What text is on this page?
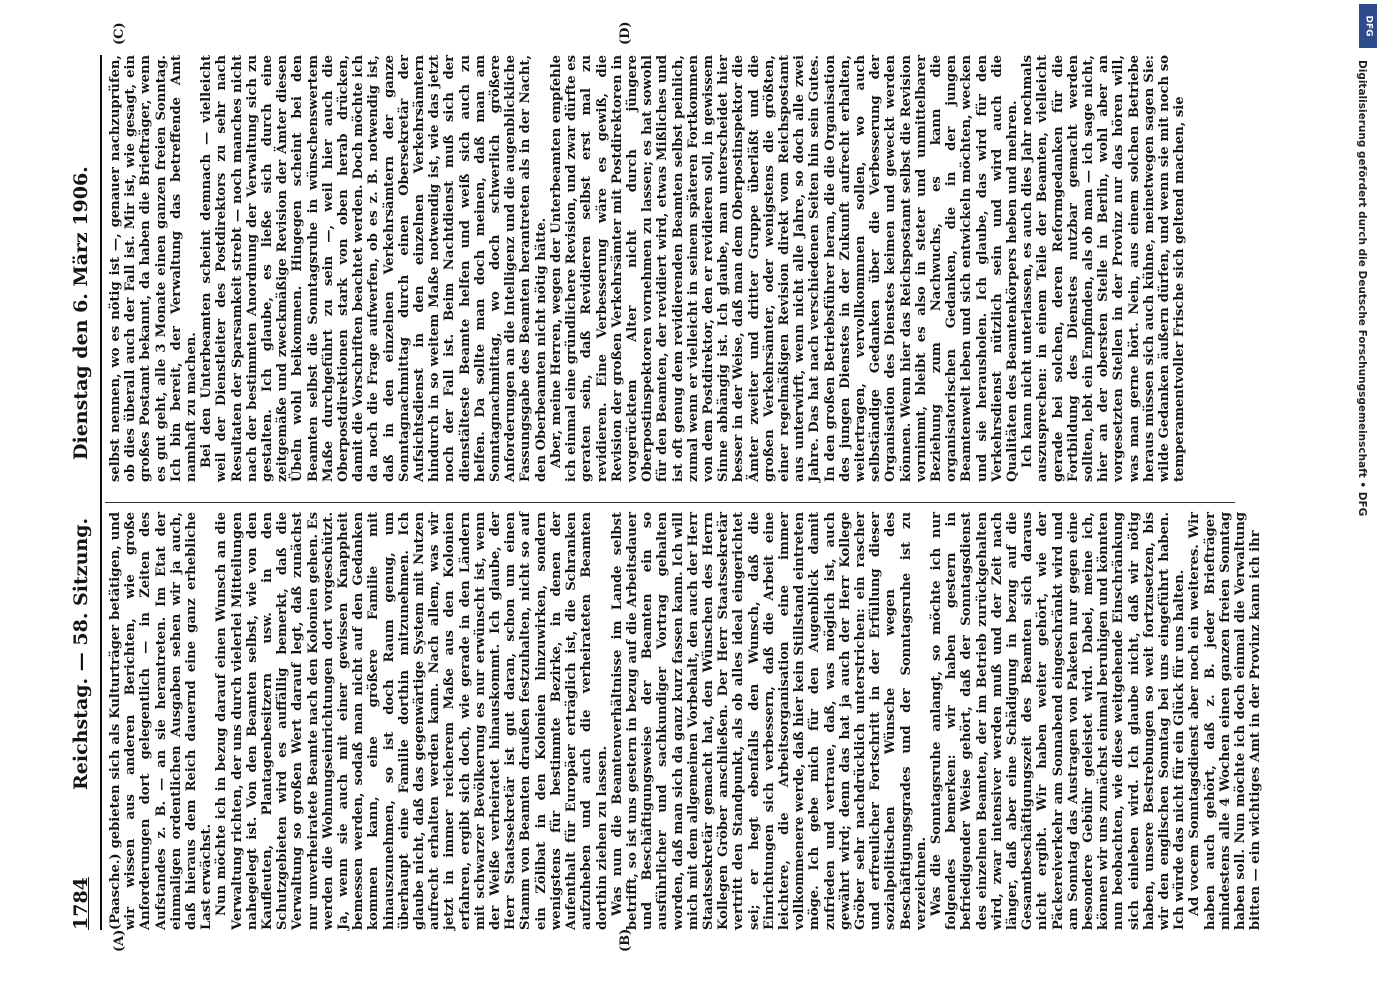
1784
Reichstag. — 58. Sitzung.
Dienstag den 6. März 1906.
(A)	(B)
(C)	(D)

(Paasche.) gebieten sich als Kulturträger betätigen, und wir wissen aus anderen Berichten, wie große Anforderungen dort gelegentlich — in Zeiten des Aufstandes z. B. — an sie herantreten. Im Etat der einmaligen ordentlichen Ausgaben sehen wir ja auch, daß hieraus dem Reich dauernd eine ganz erhebliche Last erwächst. Nun möchte ich in bezug darauf einen Wunsch an die Verwaltung richten, der uns durch vielerlei Mitteilungen nahegelegt ist. Von den Beamten selbst, wie von den Kaufleuten, Plantagenbesitzern usw. in den Schutzgebieten wird es auffällig bemerkt, daß die Verwaltung so großen Wert darauf legt, daß zunächst nur unverheiratete Beamte nach den Kolonien gehen. Es werden die Wohnungseinrichtungen dort vorgeschützt. Ja, wenn sie auch mit einer gewissen Knappheit bemessen werden, sodaß man nicht auf den Gedanken kommen kann, eine größere Familie mit hinauszunehmen, so ist doch Raum genug, um überhaupt eine Familie dorthin mitzunehmen. Ich glaube nicht, daß das gegenwärtige System mit Nutzen aufrecht erhalten werden kann. Nach allem, was wir jetzt in immer reicherem Maße aus den Kolonien erfahren, ergibt sich doch, wie gerade in den Ländern mit schwarzer Bevölkerung es nur erwünscht ist, wenn der Weiße verheiratet hinauskommt. Ich glaube, der Herr Staatssekretär ist gut daran, schon um einen Stamm von Beamten draußen festzuhalten, nicht so auf ein Zölibat in den Kolonien hinzuwirken, sondern wenigstens für bestimmte Bezirke, in denen der Aufenthalt für Europäer erträglich ist, die Schranken aufzuheben und auch die verheirateten Beamten dorthin ziehen zu lassen. Was nun die Beamtenverhältnisse im Lande selbst betrifft, so ist uns gestern in bezug auf die Arbeitsdauer und Beschäftigungsweise der Beamten ein so ausführlicher und sachkundiger Vortrag gehalten worden, daß man sich da ganz kurz fassen kann. Ich will mich mit dem allgemeinen Vorbehalt, den auch der Herr Staatssekretär gemacht hat, den Wünschen des Herrn Kollegen Gröber anschließen. Der Herr Staatssekretär vertritt den Standpunkt, als ob alles ideal eingerichtet sei; er hegt ebenfalls den Wunsch, daß die Einrichtungen sich verbessern, daß die Arbeit eine leichtere, die Arbeitsorganisation eine immer vollkommenere werde, daß hier kein Stillstand eintreten möge. Ich gebe mich für den Augenblick damit zufrieden und vertraue, daß, was möglich ist, auch gewährt wird; denn das hat ja auch der Herr Kollege Gröber sehr nachdrücklich unterstrichen: ein rascher und erfreulicher Fortschritt in der Erfüllung dieser sozialpolitischen Wünsche wegen des Beschäftigungsgrades und der Sonntagsruhe ist zu verzeichnen. Was die Sonntagsruhe anlangt, so möchte ich nur folgendes bemerken: wir haben gestern in befriedigender Weise gehört, daß der Sonntagsdienst des einzelnen Beamten, der im Betrieb zurückgehalten wird, zwar intensiver werden muß und der Zeit nach länger, daß aber eine Schädigung in bezug auf die Gesamtbeschäftigungszeit des Beamten sich daraus nicht ergibt. Wir haben weiter gehört, wie der Päckereiverkehr am Sonnabend eingeschränkt wird und am Sonntag das Austragen von Paketen nur gegen eine besondere Gebühr geleistet wird. Dabei, meine ich, können wir uns zunächst einmal beruhigen und könnten nun beobachten, wie diese weitgehende Einschränkung sich einleben wird. Ich glaube nicht, daß wir nötig haben, unsere Bestrebungen so weit fortzusetzen, bis wir den englischen Sonntag bei uns eingeführt haben. Ich würde das nicht für ein Glück für uns halten. Ad vocem Sonntagsdienst aber noch ein weiteres. Wir haben auch gehört, daß z. B. jeder Briefträger mindestens alle 4 Wochen einen ganzen freien Sonntag haben soll. Nun möchte ich doch einmal die Verwaltung bitten — ein wichtiges Amt in der Provinz kann ich ihr

selbst nennen, wo es nötig ist —, genauer nachzuprüfen, ob dies überall auch der Fall ist. Mir ist, wie gesagt, ein großes Postamt bekannt, da haben die Briefträger, wenn es gut geht, alle 3 Monate einen ganzen freien Sonntag. Ich bin bereit, der Verwaltung das betreffende Amt namhaft zu machen. Bei den Unterbeamten scheint demnach — vielleicht weil der Dienstleiter des Postdirektors zu sehr nach Resultaten der Sparsamkeit strebt — noch manches nicht nach der bestimmten Anordnung der Verwaltung sich zu gestalten. Ich glaube, es ließe sich durch eine zeitgemäße und zweckmäßige Revision der Ämter diesen Übeln wohl beikommen. Hingegen scheint bei den Beamten selbst die Sonntagsruhe in wünschenswertem Maße durchgeführt zu sein —, weil hier auch die Oberpostdirektionen stark von oben herab drücken, damit die Vorschriften beachtet werden. Doch möchte ich da noch die Frage aufwerfen, ob es z. B. notwendig ist, daß in den einzelnen Verkehrsämtern der ganze Sonntagnachmittag durch einen Obersekretär der Aufsichtsdienst in den einzelnen Verkehrsämtern hindurch in so weitem Maße notwendig ist, wie das jetzt noch der Fall ist. Beim Nachtdienst muß sich der dienstälteste Beamte helfen und weiß sich auch zu helfen. Da sollte man doch meinen, daß man am Sonntagnachmittag, wo doch schwerlich größere Anforderungen an die Intelligenz und die augenblickliche Fassungsgabe des Beamten herantreten als in der Nacht, den Oberbeamten nicht nötig hätte. Aber, meine Herren, wegen der Unterbeamten empfehle ich einmal eine gründlichere Revision, und zwar dürfte es geraten sein, daß Revidieren selbst erst mal zu revidieren. Eine Verbesserung wäre es gewiß, die Revision der großen Verkehrsämter mit Postdirektoren in vorgerücktem Alter nicht durch jüngere Oberpostinspektoren vornehmen zu lassen; es hat sowohl für den Beamten, der revidiert wird, etwas Mißliches und ist oft genug dem revidierenden Beamten selbst peinlich, zumal wenn er vielleicht in seinem späteren Fortkommen von dem Postdirektor, den er revidieren soll, in gewissem Sinne abhängig ist. Ich glaube, man unterscheidet hier besser in der Weise, daß man dem Oberpostinspektor die Ämter zweiter und dritter Gruppe überläßt und die großen Verkehrsämter, oder wenigstens die größten, einer regelmäßigen Revision direkt vom Reichspostamt aus unterwirft, wenn nicht alle Jahre, so doch alle zwei Jahre. Das hat nach verschiedenen Seiten hin sein Gutes. In den großen Betriebsführer heran, die die Organisation des jungen Dienstes in der Zukunft aufrecht erhalten, weitertragen, vervollkommnen sollen, wo auch selbständige Gedanken über die Verbesserung der Organisation des Dienstes keimen und geweckt werden können. Wenn hier das Reichspostamt selbst die Revision vornimmt, bleibt es also in steter und unmittelbarer Beziehung zum Nachwuchs, es kann die organisatorischen Gedanken, die in der jungen Beamtenwelt leben und sich entwickeln möchten, wecken und sie herausholen. Ich glaube, das wird für den Verkehrsdienst nützlich sein und wird auch die Qualitäten des Beamtenkörpers heben und mehren. Ich kann nicht unterlassen, es auch dies Jahr nochmals auszusprechen: in einem Teile der Beamten, vielleicht gerade bei solchen, deren Reformgedanken für die Fortbildung des Dienstes nutzbar gemacht werden sollten, lebt ein Empfinden, als ob man — ich sage nicht, hier an der obersten Stelle in Berlin, wohl aber an vorgesetzten Stellen in der Provinz nur das hören will, was man gerne hört. Nein, aus einem solchen Betriebe heraus müssen sich auch kühne, meinetwegen sagen Sie: wilde Gedanken äußern dürfen, und wenn sie mit noch so temperamentvoller Frische sich geltend machen, sie

DFG
Digitalisierung gefördert durch die Deutsche Forschungsgemeinschaft • DFG
